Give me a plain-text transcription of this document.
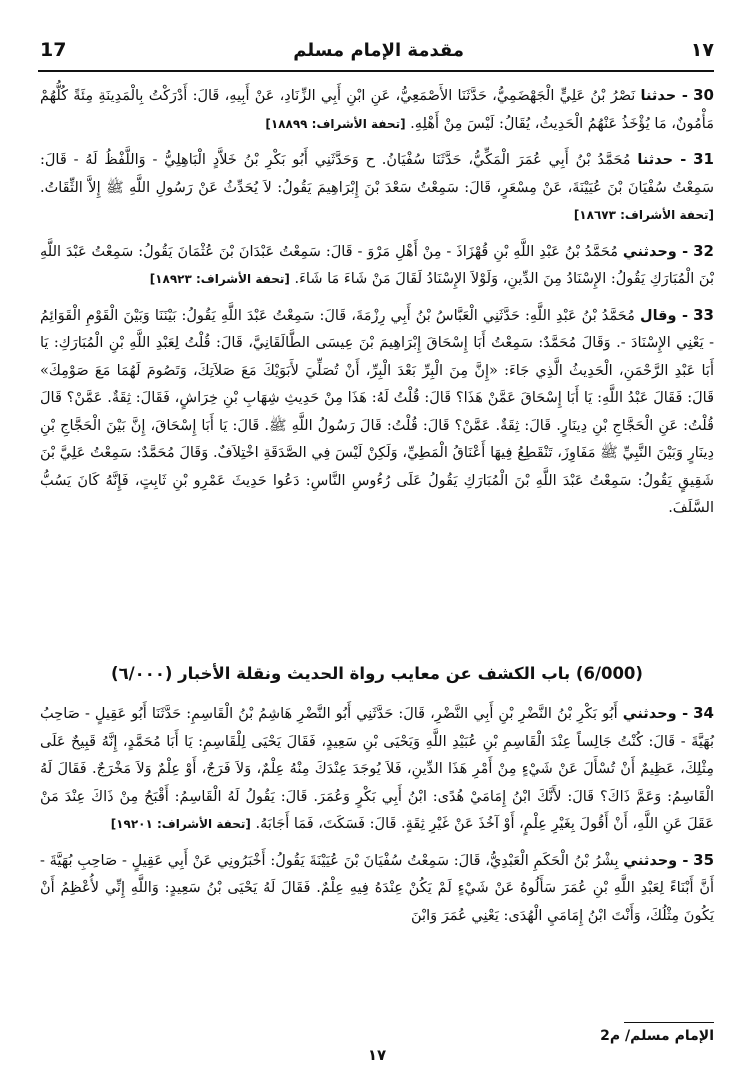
17	مقدمة الإمام مسلم	١٧

30 - حدثنا نَصْرُ بْنُ عَلِيٍّ الْجَهْضَمِيُّ، حَدَّثَنَا الأَصْمَعِيُّ، عَنِ ابْنِ أَبِي الزِّنَادِ، عَنْ أَبِيهِ، قَالَ: أَدْرَكْتُ بِالْمَدِينَةِ مِئَةً كُلُّهُمْ مَأْمُونٌ، مَا يُؤْخَذُ عَنْهُمُ الْحَدِيثُ، يُقَالُ: لَيْسَ مِنْ أَهْلِهِ. [تحفة الأشراف: ١٨٨٩٩]

31 - حدثنا مُحَمَّدُ بْنُ أَبِي عُمَرَ الْمَكِّيُّ، حَدَّثَنَا سُفْيَانُ. ح وَحَدَّثَنِي أَبُو بَكْرِ بْنُ خَلاَّدٍ الْبَاهِلِيُّ - وَاللَّفْظُ لَهُ - قَالَ: سَمِعْتُ سُفْيَانَ بْنَ عُيَيْنَةَ، عَنْ مِسْعَرٍ، قَالَ: سَمِعْتُ سَعْدَ بْنَ إِبْرَاهِيمَ يَقُولُ: لاَ يُحَدِّثُ عَنْ رَسُولِ اللَّهِ ﷺ إِلاَّ الثِّقَاتُ. [تحفة الأشراف: ١٨٦٧٣]

32 - وحدثني مُحَمَّدُ بْنُ عَبْدِ اللَّهِ بْنِ قُهْزَاذَ - مِنْ أَهْلِ مَرْوَ - قَالَ: سَمِعْتُ عَبْدَانَ بْنَ عُثْمَانَ يَقُولُ: سَمِعْتُ عَبْدَ اللَّهِ بْنَ الْمُبَارَكِ يَقُولُ: الإِسْنَادُ مِنَ الدِّينِ، وَلَوْلاَ الإِسْنَادُ لَقَالَ مَنْ شَاءَ مَا شَاءَ. [تحفة الأشراف: ١٨٩٢٣]

33 - وقال مُحَمَّدُ بْنُ عَبْدِ اللَّهِ: حَدَّثَنِي الْعَبَّاسُ بْنُ أَبِي رِزْمَةَ، قَالَ: سَمِعْتُ عَبْدَ اللَّهِ يَقُولُ: بَيْنَنَا وَبَيْنَ الْقَوْمِ الْقَوَائِمُ - يَعْنِي الإِسْنَادَ -. وَقَالَ مُحَمَّدٌ: سَمِعْتُ أَبَا إِسْحَاقَ إِبْرَاهِيمَ بْنَ عِيسَى الطَّالَقَانِيَّ، قَالَ: قُلْتُ لِعَبْدِ اللَّهِ بْنِ الْمُبَارَكِ: يَا أَبَا عَبْدِ الرَّحْمَنِ، الْحَدِيثُ الَّذِي جَاءَ: «إِنَّ مِنَ الْبِرِّ بَعْدَ الْبِرِّ، أَنْ تُصَلِّيَ لأَبَوَيْكَ مَعَ صَلاَتِكَ، وَتَصُومَ لَهُمَا مَعَ صَوْمِكَ» قَالَ: فَقَالَ عَبْدُ اللَّهِ: يَا أَبَا إِسْحَاقَ عَمَّنْ هَذَا؟ قَالَ: قُلْتُ لَهُ: هَذَا مِنْ حَدِيثِ شِهَابِ بْنِ خِرَاشٍ، فَقَالَ: ثِقَةٌ. عَمَّنْ؟ قَالَ قُلْتُ: عَنِ الْحَجَّاجِ بْنِ دِينَارٍ. قَالَ: ثِقَةٌ. عَمَّنْ؟ قَالَ: قُلْتُ: قَالَ رَسُولُ اللَّهِ ﷺ. قَالَ: يَا أَبَا إِسْحَاقَ، إِنَّ بَيْنَ الْحَجَّاجِ بْنِ دِينَارٍ وَبَيْنَ النَّبِيِّ ﷺ مَفَاوِزَ، تَنْقَطِعُ فِيهَا أَعْنَاقُ الْمَطِيِّ، وَلَكِنْ لَيْسَ فِي الصَّدَقَةِ اخْتِلاَفٌ. وَقَالَ مُحَمَّدٌ: سَمِعْتُ عَلِيَّ بْنَ شَقِيقٍ يَقُولُ: سَمِعْتُ عَبْدَ اللَّهِ بْنَ الْمُبَارَكِ يَقُولُ عَلَى رُءُوسِ النَّاسِ: دَعُوا حَدِيثَ عَمْرِو بْنِ ثَابِتٍ، فَإِنَّهُ كَانَ يَسُبُّ السَّلَفَ.

(6/000) باب الكشف عن معايب رواة الحديث ونقلة الأخبار (٦/٠٠٠)

34 - وحدثني أَبُو بَكْرِ بْنُ النَّضْرِ بْنِ أَبِي النَّضْرِ، قَالَ: حَدَّثَنِي أَبُو النَّضْرِ هَاشِمُ بْنُ الْقَاسِمِ: حَدَّثَنَا أَبُو عَقِيلٍ - صَاحِبُ بُهَيَّةَ - قَالَ: كُنْتُ جَالِساً عِنْدَ الْقَاسِمِ بْنِ عُبَيْدِ اللَّهِ وَيَحْيَى بْنِ سَعِيدٍ، فَقَالَ يَحْيَى لِلْقَاسِمِ: يَا أَبَا مُحَمَّدٍ، إِنَّهُ قَبِيحٌ عَلَى مِثْلِكَ، عَظِيمٌ أَنْ تُسْأَلَ عَنْ شَيْءٍ مِنْ أَمْرِ هَذَا الدِّينِ، فَلاَ يُوجَدَ عِنْدَكَ مِنْهُ عِلْمٌ، وَلاَ فَرَجٌ، أَوْ عِلْمٌ وَلاَ مَخْرَجٌ. فَقَالَ لَهُ الْقَاسِمُ: وَعَمَّ ذَاكَ؟ قَالَ: لأَنَّكَ ابْنُ إِمَامَيْ هُدًى: ابْنُ أَبِي بَكْرٍ وَعُمَرَ. قَالَ: يَقُولُ لَهُ الْقَاسِمُ: أَقْبَحُ مِنْ ذَاكَ عِنْدَ مَنْ عَقَلَ عَنِ اللَّهِ، أَنْ أَقُولَ بِغَيْرِ عِلْمٍ، أَوْ آخُذَ عَنْ غَيْرِ ثِقَةٍ. قَالَ: فَسَكَتَ، فَمَا أَجَابَهُ. [تحفة الأشراف: ١٩٢٠١]

35 - وحدثني بِشْرُ بْنُ الْحَكَمِ الْعَبْدِيُّ، قَالَ: سَمِعْتُ سُفْيَانَ بْنَ عُيَيْنَةَ يَقُولُ: أَخْبَرُونِي عَنْ أَبِي عَقِيلٍ - صَاحِبِ بُهَيَّةَ - أَنَّ أَبْنَاءً لِعَبْدِ اللَّهِ بْنِ عُمَرَ سَأَلُوهُ عَنْ شَيْءٍ لَمْ يَكُنْ عِنْدَهُ فِيهِ عِلْمٌ. فَقَالَ لَهُ يَحْيَى بْنُ سَعِيدٍ: وَاللَّهِ إِنِّي لأُعْظِمُ أَنْ يَكُونَ مِثْلُكَ، وَأَنْتَ ابْنُ إِمَامَيِ الْهُدَى: يَعْنِي عُمَرَ وَابْنَ

الإمام مسلم/ م2
١٧
